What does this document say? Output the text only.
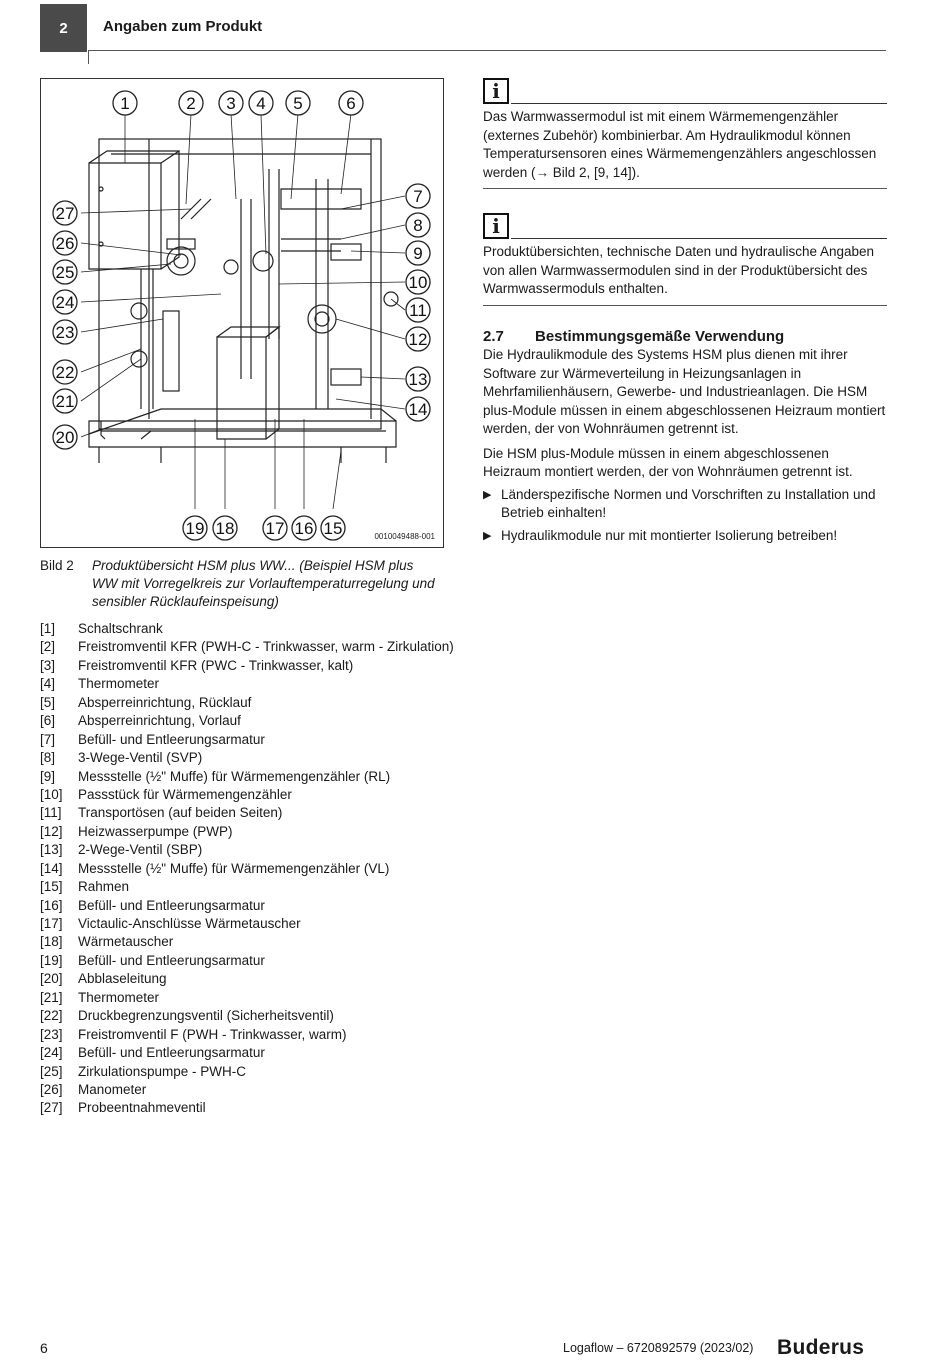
2	Angaben zum Produkt
1	2 3 4 5	6
7
8
9
10
11
12
13
14
27
26
25
24
23
22
21
20
19 18 17 16 15	0010049488-001
Bild 2 Produktübersicht HSM plus WW... (Beispiel HSM plus WW mit Vorregelkreis zur Vorlauftemperaturregelung und sensibler Rücklaufeinspeisung)
[1] Schaltschrank
[2] Freistromventil KFR (PWH-C - Trinkwasser, warm - Zirkulation)
[3] Freistromventil KFR (PWC - Trinkwasser, kalt)
[4] Thermometer
[5] Absperreinrichtung, Rücklauf
[6] Absperreinrichtung, Vorlauf
[7] Befüll- und Entleerungsarmatur
[8] 3-Wege-Ventil (SVP)
[9] Messstelle (½" Muffe) für Wärmemengenzähler (RL)
[10] Passstück für Wärmemengenzähler
[11] Transportösen (auf beiden Seiten)
[12] Heizwasserpumpe (PWP)
[13] 2-Wege-Ventil (SBP)
[14] Messstelle (½" Muffe) für Wärmemengenzähler (VL)
[15] Rahmen
[16] Befüll- und Entleerungsarmatur
[17] Victaulic-Anschlüsse Wärmetauscher
[18] Wärmetauscher
[19] Befüll- und Entleerungsarmatur
[20] Abblaseleitung
[21] Thermometer
[22] Druckbegrenzungsventil (Sicherheitsventil)
[23] Freistromventil F (PWH - Trinkwasser, warm)
[24] Befüll- und Entleerungsarmatur
[25] Zirkulationspumpe - PWH-C
[26] Manometer
[27] Probeentnahmeventil
i
Das Warmwassermodul ist mit einem Wärmemengenzähler (externes Zubehör) kombinierbar. Am Hydraulikmodul können Temperatursensoren eines Wärmemengenzählers angeschlossen werden (→ Bild 2, [9, 14]).
i
Produktübersichten, technische Daten und hydraulische Angaben von allen Warmwassermodulen sind in der Produktübersicht des Warmwassermoduls enthalten.
2.7 Bestimmungsgemäße Verwendung
Die Hydraulikmodule des Systems HSM plus dienen mit ihrer Software zur Wärmeverteilung in Heizungsanlagen in Mehrfamilienhäusern, Gewerbe- und Industrieanlagen. Die HSM plus-Module müssen in einem abgeschlossenen Heizraum montiert werden, der von Wohnräumen getrennt ist.
Die HSM plus-Module müssen in einem abgeschlossenen Heizraum montiert werden, der von Wohnräumen getrennt ist.
▶ Länderspezifische Normen und Vorschriften zu Installation und Betrieb einhalten!
▶ Hydraulikmodule nur mit montierter Isolierung betreiben!
6	Logaflow – 6720892579 (2023/02) Buderus
